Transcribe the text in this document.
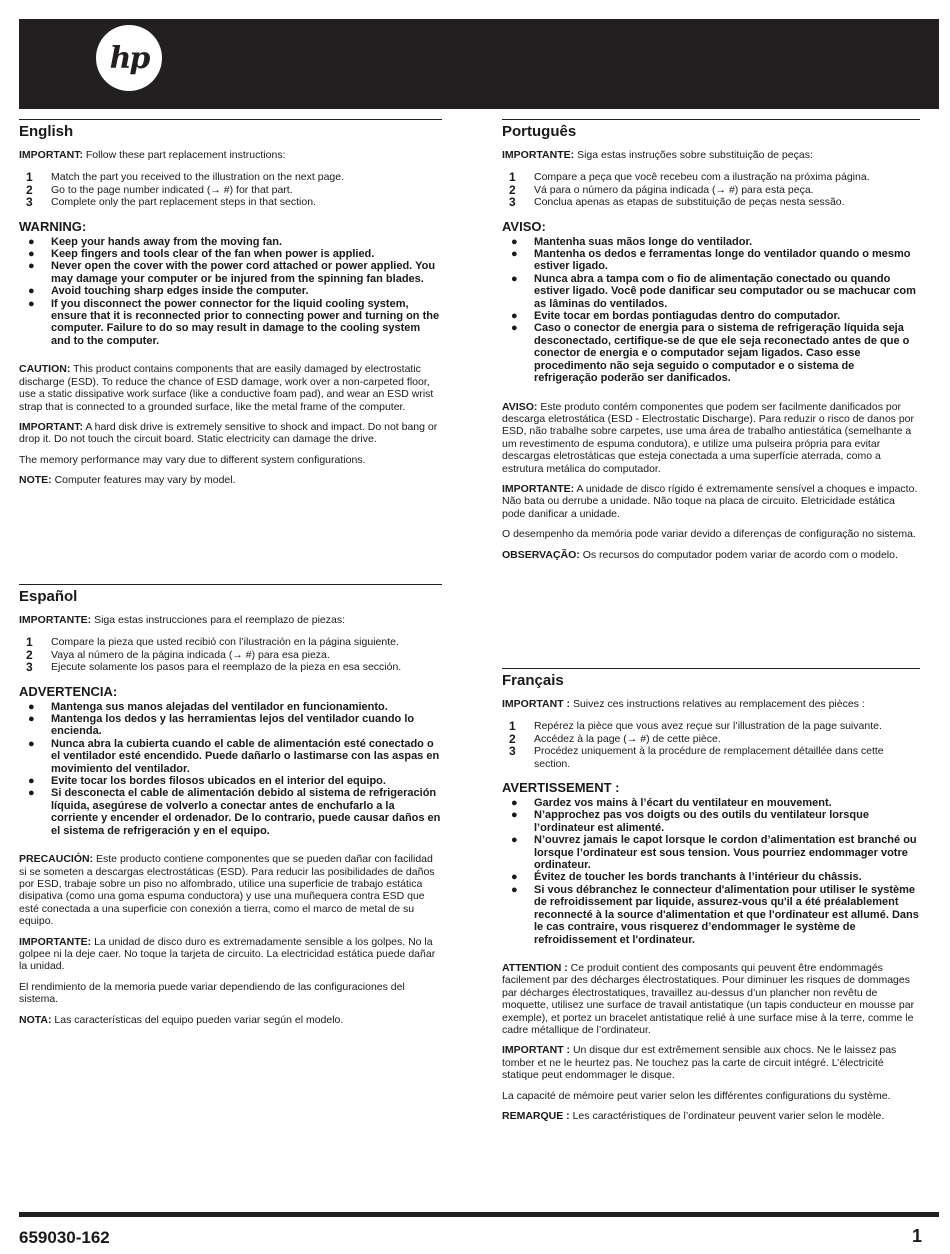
hp
English

IMPORTANT: Follow these part replacement instructions:

1 Match the part you received to the illustration on the next page.
2 Go to the page number indicated (→ #) for that part.
3 Complete only the part replacement steps in that section.
WARNING:
● Keep your hands away from the moving fan.
● Keep fingers and tools clear of the fan when power is applied.
● Never open the cover with the power cord attached or power applied. You may damage your computer or be injured from the spinning fan blades.
● Avoid touching sharp edges inside the computer.
● If you disconnect the power connector for the liquid cooling system, ensure that it is reconnected prior to connecting power and turning on the computer. Failure to do so may result in damage to the cooling system and to the computer.

CAUTION: This product contains components that are easily damaged by electrostatic discharge (ESD). To reduce the chance of ESD damage, work over a non-carpeted floor, use a static dissipative work surface (like a conductive foam pad), and wear an ESD wrist strap that is connected to a grounded surface, like the metal frame of the computer.

IMPORTANT: A hard disk drive is extremely sensitive to shock and impact. Do not bang or drop it. Do not touch the circuit board. Static electricity can damage the drive.

The memory performance may vary due to different system configurations.

NOTE: Computer features may vary by model.

Español

IMPORTANTE: Siga estas instrucciones para el reemplazo de piezas:

1 Compare la pieza que usted recibió con l’ilustración en la página siguiente.
2 Vaya al número de la página indicada (→ #) para esa pieza.
3 Ejecute solamente los pasos para el reemplazo de la pieza en esa sección.
ADVERTENCIA:
● Mantenga sus manos alejadas del ventilador en funcionamiento.
● Mantenga los dedos y las herramientas lejos del ventilador cuando lo encienda.
● Nunca abra la cubierta cuando el cable de alimentación esté conectado o el ventilador esté encendido. Puede dañarlo o lastimarse con las aspas en movimiento del ventilador.
● Evite tocar los bordes filosos ubicados en el interior del equipo.
● Si desconecta el cable de alimentación debido al sistema de refrigeración líquida, asegúrese de volverlo a conectar antes de enchufarlo a la corriente y encender el ordenador. De lo contrario, puede causar daños en el sistema de refrigeración y en el equipo.

PRECAUCIÓN: Este producto contiene componentes que se pueden dañar con facilidad si se someten a descargas electrostáticas (ESD). Para reducir las posibilidades de daños por ESD, trabaje sobre un piso no alfombrado, utilice una superficie de trabajo estática disipativa (como una goma espuma conductora) y use una muñequera contra ESD que esté conectada a una superficie con conexión a tierra, como el marco de metal de su equipo.

IMPORTANTE: La unidad de disco duro es extremadamente sensible a los golpes. No la golpee ni la deje caer. No toque la tarjeta de circuito. La electricidad estática puede dañar la unidad.

El rendimiento de la memoria puede variar dependiendo de las configuraciones del sistema.

NOTA: Las características del equipo pueden variar según el modelo.

Português

IMPORTANTE: Siga estas instruções sobre substituição de peças:

1 Compare a peça que você recebeu com a ilustração na próxima página.
2 Vá para o número da página indicada (→ #) para esta peça.
3 Conclua apenas as etapas de substituição de peças nesta sessão.
AVISO:
● Mantenha suas mãos longe do ventilador.
● Mantenha os dedos e ferramentas longe do ventilador quando o mesmo estiver ligado.
● Nunca abra a tampa com o fio de alimentação conectado ou quando estiver ligado. Você pode danificar seu computador ou se machucar com as lâminas do ventilados.
● Evite tocar em bordas pontiagudas dentro do computador.
● Caso o conector de energia para o sistema de refrigeração líquida seja desconectado, certifique-se de que ele seja reconectado antes de que o conector de energia e o computador sejam ligados. Caso esse procedimento não seja seguido o computador e o sistema de refrigeração poderão ser danificados.

AVISO: Este produto contém componentes que podem ser facilmente danificados por descarga eletrostática (ESD - Electrostatic Discharge). Para reduzir o risco de danos por ESD, não trabalhe sobre carpetes, use uma área de trabalho antiestática (semelhante a um revestimento de espuma condutora), e utilize uma pulseira própria para evitar descargas eletrostáticas que esteja conectada a uma superfície aterrada, como a estrutura metálica do computador.

IMPORTANTE: A unidade de disco rígido é extremamente sensível a choques e impacto. Não bata ou derrube a unidade. Não toque na placa de circuito. Eletricidade estática pode danificar a unidade.

O desempenho da memória pode variar devido a diferenças de configuração no sistema.

OBSERVAÇÃO: Os recursos do computador podem variar de acordo com o modelo.

Français

IMPORTANT : Suivez ces instructions relatives au remplacement des pièces :

1 Repérez la pièce que vous avez reçue sur l’illustration de la page suivante.
2 Accédez à la page (→ #) de cette pièce.
3 Procédez uniquement à la procédure de remplacement détaillée dans cette section.
AVERTISSEMENT :
● Gardez vos mains à l’écart du ventilateur en mouvement.
● N’approchez pas vos doigts ou des outils du ventilateur lorsque l’ordinateur est alimenté.
● N’ouvrez jamais le capot lorsque le cordon d’alimentation est branché ou lorsque l’ordinateur est sous tension. Vous pourriez endommager votre ordinateur.
● Évitez de toucher les bords tranchants à l’intérieur du châssis.
● Si vous débranchez le connecteur d'alimentation pour utiliser le système de refroidissement par liquide, assurez-vous qu'il a été préalablement reconnecté à la source d'alimentation et que l'ordinateur est allumé. Dans le cas contraire, vous risquerez d’endommager le système de refroidissement et l'ordinateur.

ATTENTION : Ce produit contient des composants qui peuvent être endommagés facilement par des décharges électrostatiques. Pour diminuer les risques de dommages par décharges électrostatiques, travaillez au-dessus d’un plancher non revêtu de moquette, utilisez une surface de travail antistatique (un tapis conducteur en mousse par exemple), et portez un bracelet antistatique relié à une surface mise à la terre, comme le cadre métallique de l’ordinateur.

IMPORTANT : Un disque dur est extrêmement sensible aux chocs. Ne le laissez pas tomber et ne le heurtez pas. Ne touchez pas la carte de circuit intégré. L’électricité statique peut endommager le disque.

La capacité de mémoire peut varier selon les différentes configurations du système.

REMARQUE : Les caractéristiques de l’ordinateur peuvent varier selon le modèle.

659030-162	1
